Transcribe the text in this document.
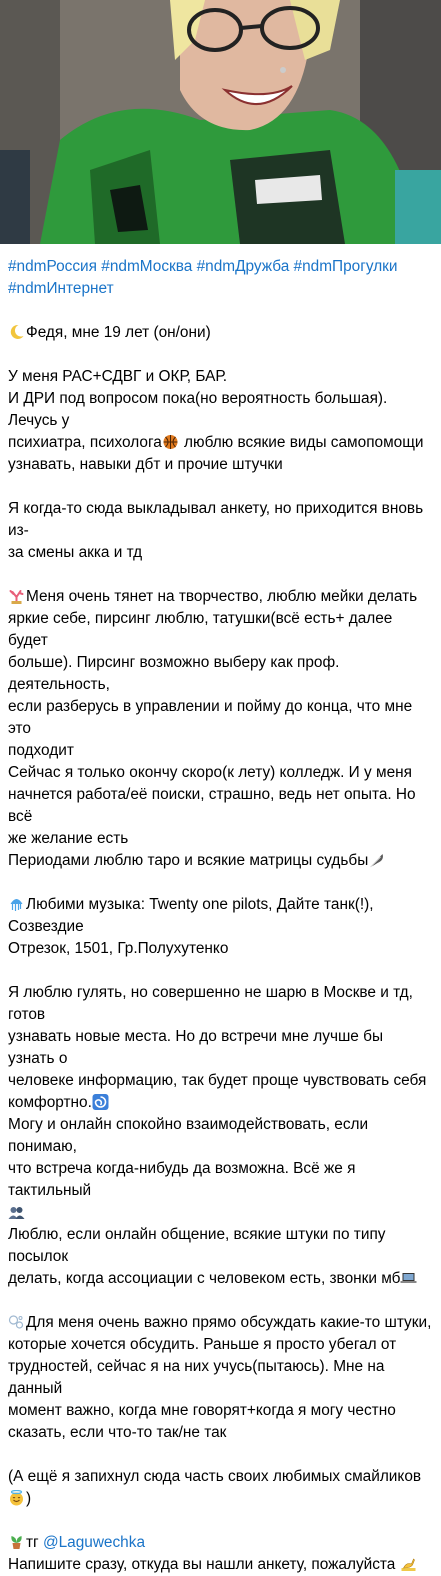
#ndmРоссия #ndmМосква #ndmДружба #ndmПрогулки
#ndmИнтернет

Федя, мне 19 лет (он/они)

У меня РАС+СДВГ и ОКР, БАР.
И ДРИ под вопросом пока(но вероятность большая). Лечусь у
психиатра, психолога
люблю всякие виды самопомощи
узнавать, навыки дбт и прочие штучки

Я когда-то сюда выкладывал анкету, но приходится вновь из-
за смены акка и тд

Меня очень тянет на творчество, люблю мейки делать
яркие себе, пирсинг люблю, татушки(всё есть+ далее будет
больше). Пирсинг возможно выберу как проф. деятельность,
если разберусь в управлении и пойму до конца, что мне это
подходит
Сейчас я только окончу скоро(к лету) колледж. И у меня
начнется работа/её поиски, страшно, ведь нет опыта. Но всё
же желание есть
Периодами люблю таро и всякие матрицы судьбы

Любими музыка: Twenty one pilots, Дайте танк(!), Созвездие
Отрезок, 1501, Гр.Полухутенко

Я люблю гулять, но совершенно не шарю в Москве и тд, готов
узнавать новые места. Но до встречи мне лучше бы узнать о
человеке информацию, так будет проще чувствовать себя
комфортно.
Могу и онлайн спокойно взаимодействовать, если понимаю,
что встреча когда-нибудь да возможна. Всё же я тактильный
Люблю, если онлайн общение, всякие штуки по типу посылок
делать, когда ассоциации с человеком есть, звонки мб

Для меня очень важно прямо обсуждать какие-то штуки,
которые хочется обсудить. Раньше я просто убегал от
трудностей, сейчас я на них учусь(пытаюсь). Мне на данный
момент важно, когда мне говорят+когда я могу честно
сказать, если что-то так/не так

(А ещё я запихнул сюда часть своих любимых смайликов
)

тг @Laguwechka
Напишите сразу, откуда вы нашли анкету, пожалуйста
